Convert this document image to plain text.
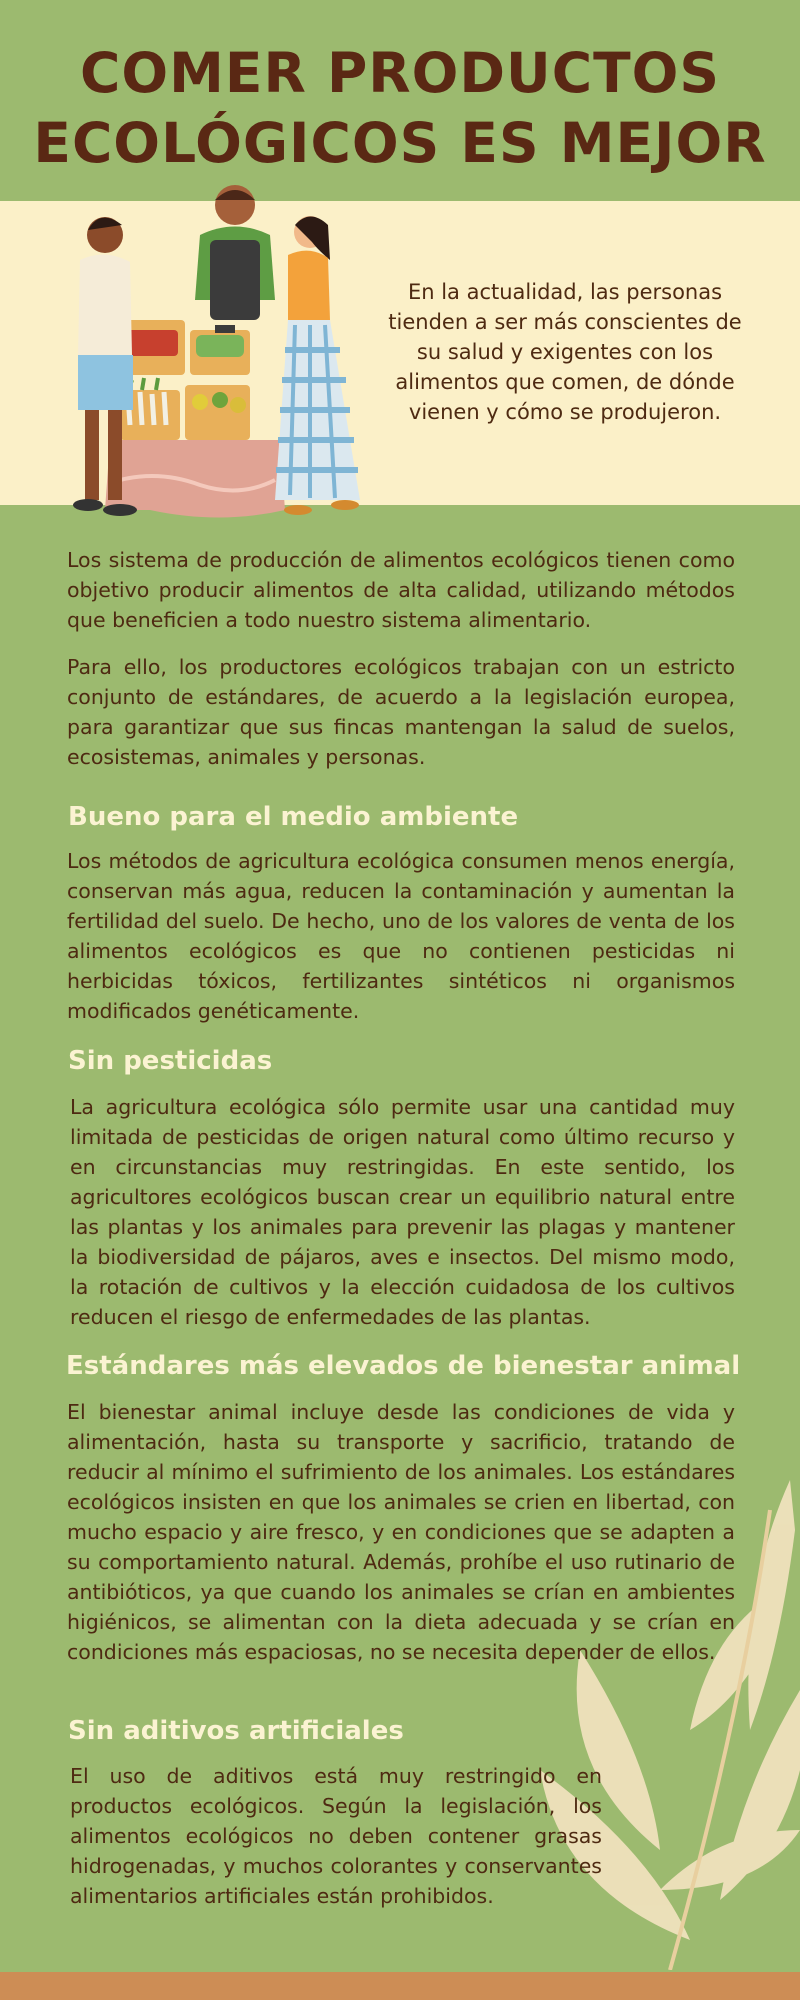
COMER PRODUCTOS
ECOLÓGICOS ES MEJOR

En la actualidad, las personas tienden a ser más conscientes de su salud y exigentes con los alimentos que comen, de dónde vienen y cómo se produjeron.

Los sistema de producción de alimentos ecológicos tienen como objetivo producir alimentos de alta calidad, utilizando métodos que beneficien a todo nuestro sistema alimentario.

Para ello, los productores ecológicos trabajan con un estricto conjunto de estándares, de acuerdo a la legislación europea, para garantizar que sus fincas mantengan la salud de suelos, ecosistemas, animales y personas.

Bueno para el medio ambiente

Los métodos de agricultura ecológica consumen menos energía, conservan más agua, reducen la contaminación y aumentan la fertilidad del suelo. De hecho, uno de los valores de venta de los alimentos ecológicos es que no contienen pesticidas ni herbicidas tóxicos, fertilizantes sintéticos ni organismos modificados genéticamente.

Sin pesticidas

La agricultura ecológica sólo permite usar una cantidad muy limitada de pesticidas de origen natural como último recurso y en circunstancias muy restringidas. En este sentido, los agricultores ecológicos buscan crear un equilibrio natural entre las plantas y los animales para prevenir las plagas y mantener la biodiversidad de pájaros, aves e insectos. Del mismo modo, la rotación de cultivos y la elección cuidadosa de los cultivos reducen el riesgo de enfermedades de las plantas.

Estándares más elevados de bienestar animal

El bienestar animal incluye desde las condiciones de vida y alimentación, hasta su transporte y sacrificio, tratando de reducir al mínimo el sufrimiento de los animales. Los estándares ecológicos insisten en que los animales se crien en libertad, con mucho espacio y aire fresco, y en condiciones que se adapten a su comportamiento natural. Además, prohíbe el uso rutinario de antibióticos, ya que cuando los animales se crían en ambientes higiénicos, se alimentan con la dieta adecuada y se crían en condiciones más espaciosas, no se necesita depender de ellos.

Sin aditivos artificiales

El uso de aditivos está muy restringido en productos ecológicos. Según la legislación, los alimentos ecológicos no deben contener grasas hidrogenadas, y muchos colorantes y conservantes alimentarios artificiales están prohibidos.
